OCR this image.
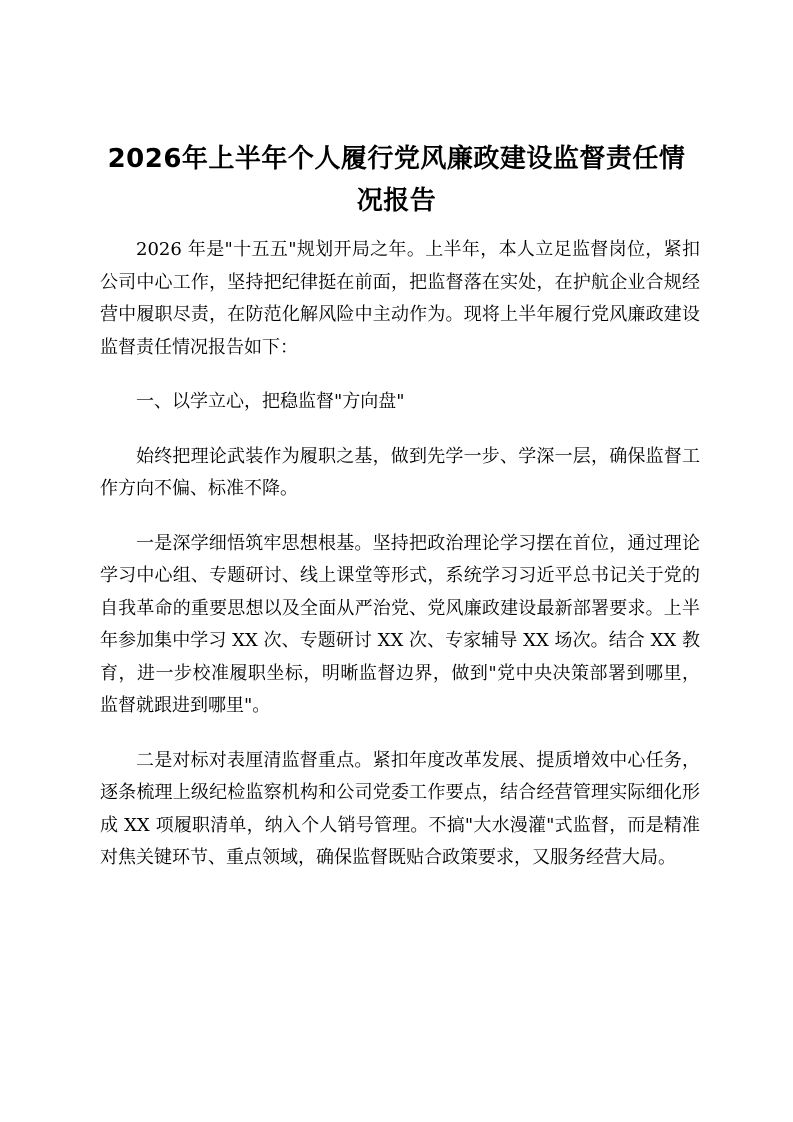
2026年上半年个人履行党风廉政建设监督责任情况报告

2026 年是"十五五"规划开局之年。上半年，本人立足监督岗位，紧扣公司中心工作，坚持把纪律挺在前面，把监督落在实处，在护航企业合规经营中履职尽责，在防范化解风险中主动作为。现将上半年履行党风廉政建设监督责任情况报告如下：

一、以学立心，把稳监督"方向盘"

始终把理论武装作为履职之基，做到先学一步、学深一层，确保监督工作方向不偏、标准不降。

一是深学细悟筑牢思想根基。坚持把政治理论学习摆在首位，通过理论学习中心组、专题研讨、线上课堂等形式，系统学习习近平总书记关于党的自我革命的重要思想以及全面从严治党、党风廉政建设最新部署要求。上半年参加集中学习 XX 次、专题研讨 XX 次、专家辅导 XX 场次。结合 XX 教育，进一步校准履职坐标，明晰监督边界，做到"党中央决策部署到哪里，监督就跟进到哪里"。

二是对标对表厘清监督重点。紧扣年度改革发展、提质增效中心任务，逐条梳理上级纪检监察机构和公司党委工作要点，结合经营管理实际细化形成 XX 项履职清单，纳入个人销号管理。不搞"大水漫灌"式监督，而是精准对焦关键环节、重点领域，确保监督既贴合政策要求，又服务经营大局。
